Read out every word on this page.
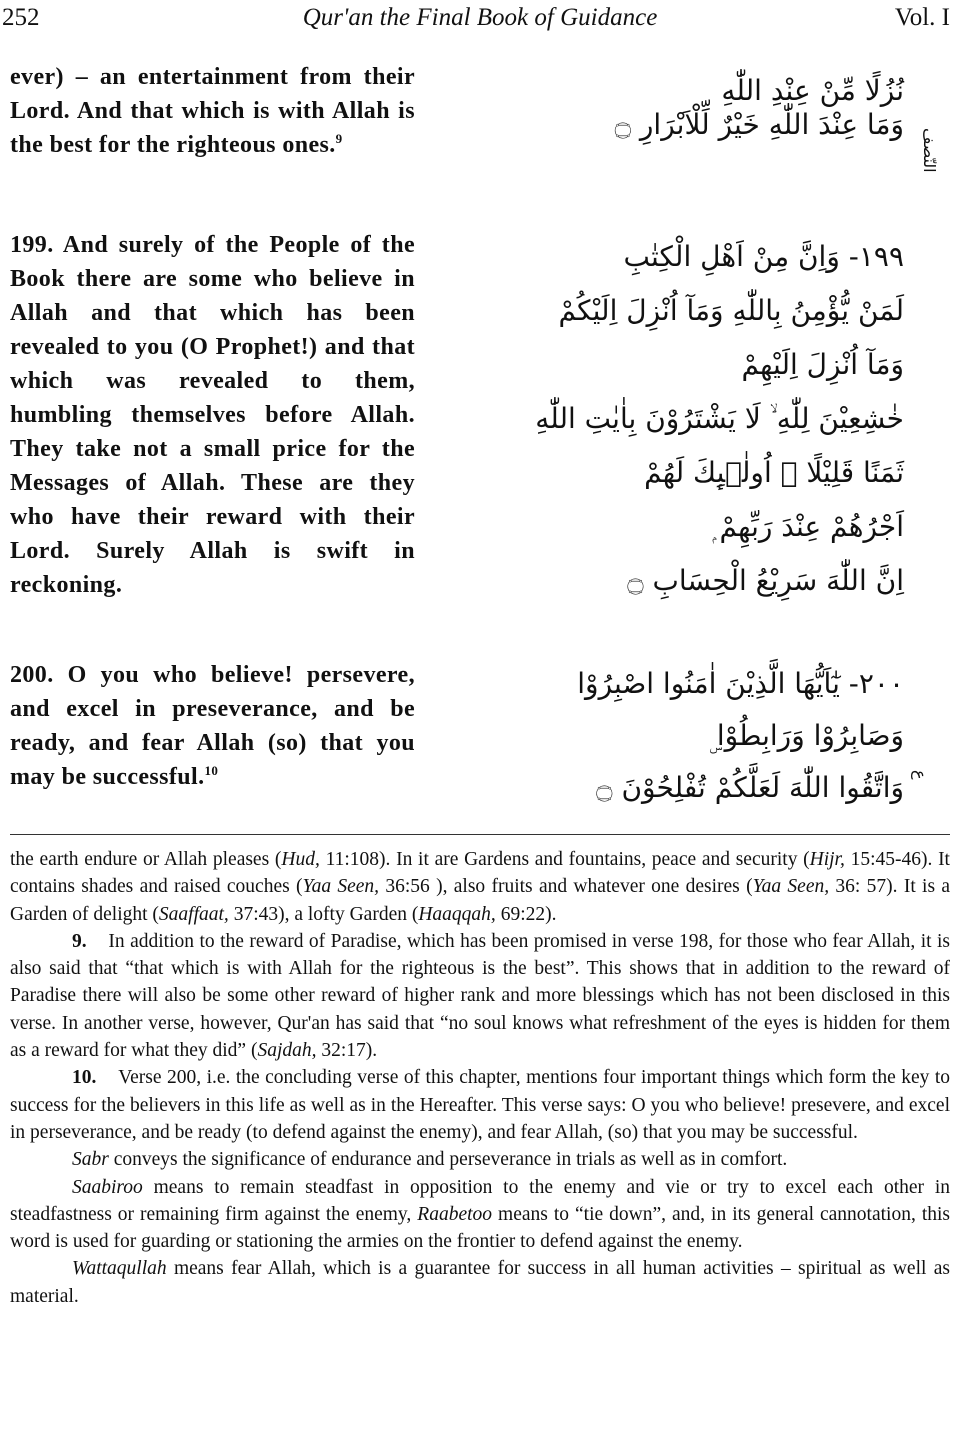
252	Qur'an the Final Book of Guidance	Vol. I
ever) – an entertainment from their Lord. And that which is with Allah is the best for the righteous ones.$^9$
نُزُلًا مِّنْ عِنْدِ اللّٰهِ
وَمَا عِنْدَ اللّٰهِ خَيْرٌ لِّلْاَبْرَارِ ۝
النّصف
199. And surely of the People of the Book there are some who believe in Allah and that which has been revealed to you (O Prophet!) and that which was revealed to them, humbling themselves before Allah. They take not a small price for the Messages of Allah. These are they who have their reward with their Lord. Surely Allah is swift in reckoning.
١٩٩- وَاِنَّ مِنْ اَهْلِ الْكِتٰبِ
لَمَنْ يُّؤْمِنُ بِاللّٰهِ وَمَآ اُنْزِلَ اِلَيْكُمْ
وَمَآ اُنْزِلَ اِلَيْهِمْ
خٰشِعِيْنَ لِلّٰهِ ۙ لَا يَشْتَرُوْنَ بِاٰيٰتِ اللّٰهِ
ثَمَنًا قَلِيْلًا ۭ اُولٰۗىِٕكَ لَهُمْ
اَجْرُھُمْ عِنْدَ رَبِّهِمْ ۭ
اِنَّ اللّٰهَ سَرِيْعُ الْحِسَابِ ۝
200. O you who believe! persevere, and excel in preseverance, and be ready, and fear Allah (so) that you may be successful.$^{10}$
٢٠٠- يٰٓاَيُّهَا الَّذِيْنَ اٰمَنُوا اصْبِرُوْا
وَصَابِرُوْا وَرَابِطُوْا ۣ
وَاتَّقُوا اللّٰهَ لَعَلَّكُمْ تُفْلِحُوْنَ ۝ ع

the earth endure or Allah pleases (Hud, 11:108). In it are Gardens and fountains, peace and security (Hijr, 15:45-46). It contains shades and raised couches (Yaa Seen, 36:56 ), also fruits and whatever one desires (Yaa Seen, 36: 57). It is a Garden of delight (Saaffaat, 37:43), a lofty Garden (Haaqqah, 69:22).

9. In addition to the reward of Paradise, which has been promised in verse 198, for those who fear Allah, it is also said that “that which is with Allah for the righteous is the best”. This shows that in addition to the reward of Paradise there will also be some other reward of higher rank and more blessings which has not been disclosed in this verse. In another verse, however, Qur'an has said that “no soul knows what refreshment of the eyes is hidden for them as a reward for what they did” (Sajdah, 32:17).

10. Verse 200, i.e. the concluding verse of this chapter, mentions four important things which form the key to success for the believers in this life as well as in the Hereafter. This verse says: O you who believe! presevere, and excel in perseverance, and be ready (to defend against the enemy), and fear Allah, (so) that you may be successful.

Sabr conveys the significance of endurance and perseverance in trials as well as in comfort.

Saabiroo means to remain steadfast in opposition to the enemy and vie or try to excel each other in steadfastness or remaining firm against the enemy, Raabetoo means to “tie down”, and, in its general cannotation, this word is used for guarding or stationing the armies on the frontier to defend against the enemy.

Wattaqullah means fear Allah, which is a guarantee for success in all human activities – spiritual as well as material.
